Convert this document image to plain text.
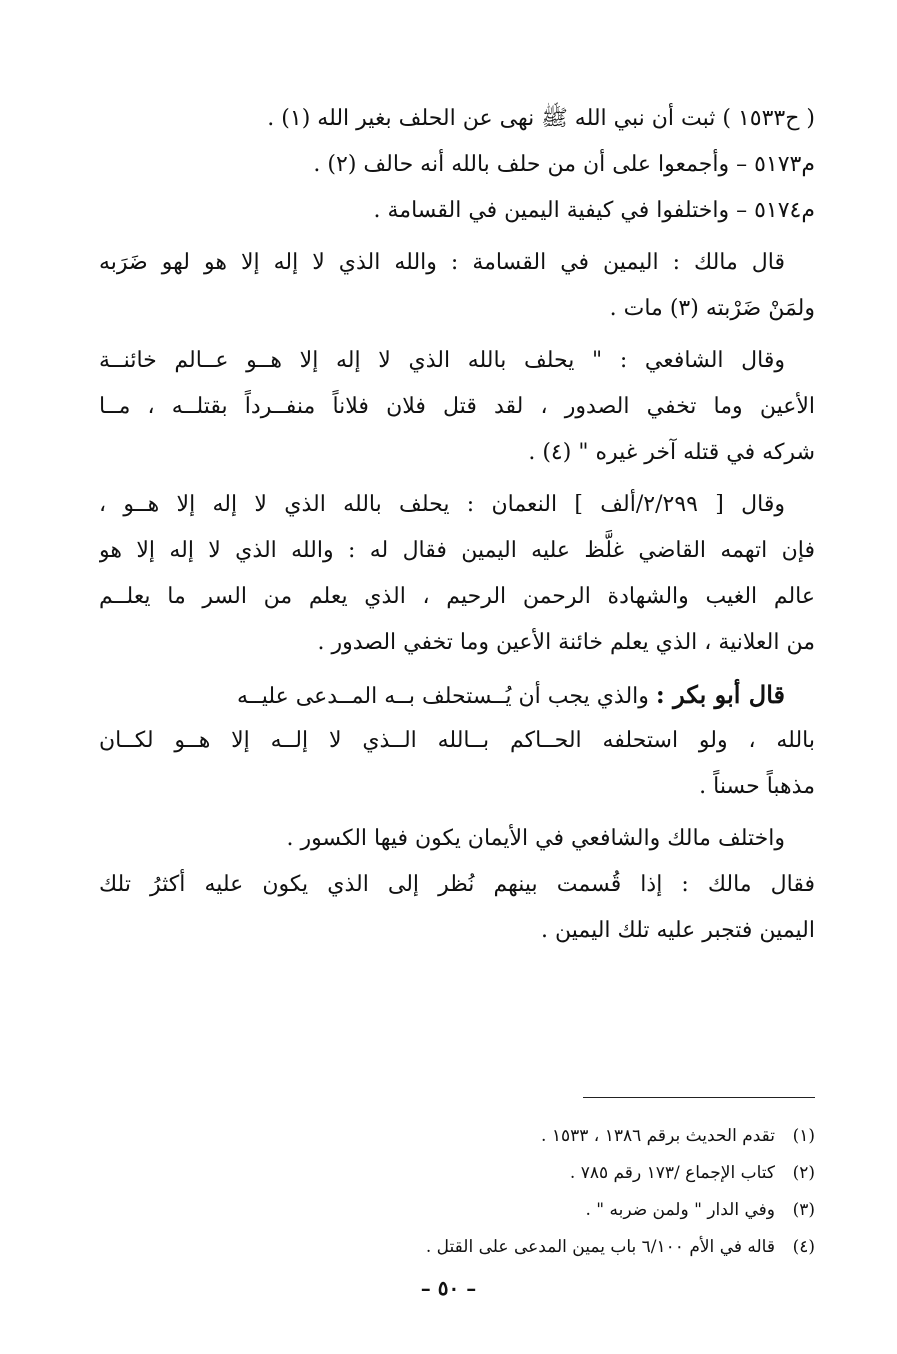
( ح١٥٣٣ ) ثبت أن نبي الله ﷺ نهى عن الحلف بغير الله (١) .
م٥١٧٣ – وأجمعوا على أن من حلف بالله أنه حالف (٢) .
م٥١٧٤ – واختلفوا في كيفية اليمين في القسامة .
قال مالك : اليمين في القسامة : والله الذي لا إله إلا هو لهو ضَرَبه
ولمَنْ ضَرْبته (٣) مات .
وقال الشافعي : " يحلف بالله الذي لا إله إلا هــو عــالم خائنــة
الأعين وما تخفي الصدور ، لقد قتل فلان فلاناً منفــرداً بقتلــه ، مــا
شركه في قتله آخر غيره " (٤) .
وقال [ ٢/٢٩٩/ألف ] النعمان : يحلف بالله الذي لا إله إلا هــو ،
فإن اتهمه القاضي غلَّظ عليه اليمين فقال له : والله الذي لا إله إلا هو
عالم الغيب والشهادة الرحمن الرحيم ، الذي يعلم من السر ما يعلــم
من العلانية ، الذي يعلم خائنة الأعين وما تخفي الصدور .
قال أبو بكر : والذي يجب أن يُــستحلف بــه المــدعى عليــه
بالله ، ولو استحلفه الحــاكم بــالله الــذي لا إلــه إلا هــو لكــان
مذهباً حسناً .
واختلف مالك والشافعي في الأيمان يكون فيها الكسور .
فقال مالك : إذا قُسمت بينهم نُظر إلى الذي يكون عليه أكثرُ تلك
اليمين فتجبر عليه تلك اليمين .
(١)تقدم الحديث برقم ١٣٨٦ ، ١٥٣٣ .
(٢)كتاب الإجماع /١٧٣ رقم ٧٨٥ .
(٣)وفي الدار " ولمن ضربه " .
(٤)قاله في الأم ٦/١٠٠ باب يمين المدعى على القتل .
– ٥٠ –
